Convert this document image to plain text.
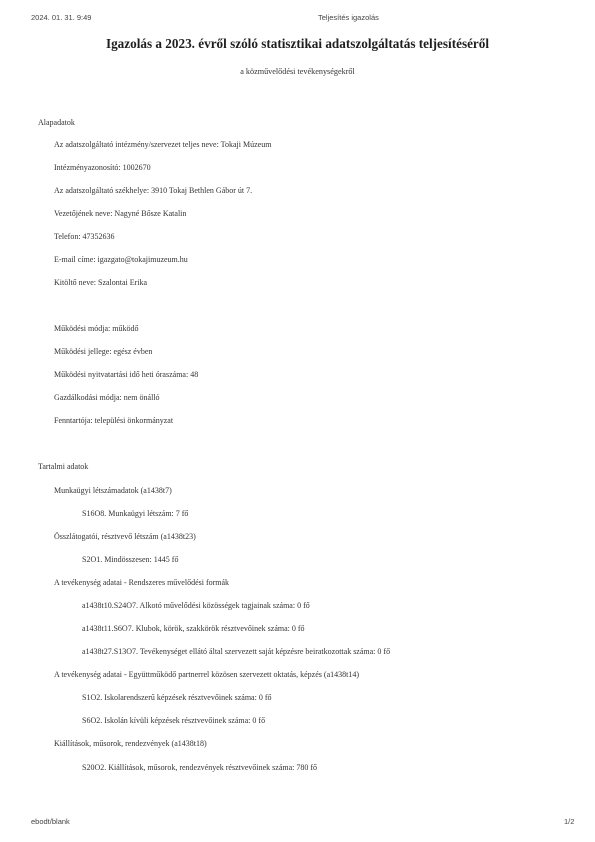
2024. 01. 31. 9:49	Teljesítés igazolás
Igazolás a 2023. évről szóló statisztikai adatszolgáltatás teljesítéséről
a közművelődési tevékenységekről
Alapadatok
Az adatszolgáltató intézmény/szervezet teljes neve: Tokaji Múzeum
Intézményazonosító: 1002670
Az adatszolgáltató székhelye: 3910 Tokaj Bethlen Gábor út 7.
Vezetőjének neve: Nagyné Bősze Katalin
Telefon: 47352636
E-mail címe: igazgato@tokajimuzeum.hu
Kitöltő neve: Szalontai Erika
Működési módja: működő
Működési jellege: egész évben
Működési nyitvatartási idő heti óraszáma: 48
Gazdálkodási módja: nem önálló
Fenntartója: települési önkormányzat
Tartalmi adatok
Munkaügyi létszámadatok (a1438t7)
S16O8. Munkaügyi létszám: 7 fő
Összlátogatói, résztvevő létszám (a1438t23)
S2O1. Mindösszesen: 1445 fő
A tevékenység adatai - Rendszeres művelődési formák
a1438t10.S24O7. Alkotó művelődési közösségek tagjainak száma: 0 fő
a1438t11.S6O7. Klubok, körök, szakkörök résztvevőinek száma: 0 fő
a1438t27.S13O7. Tevékenységet ellátó által szervezett saját képzésre beiratkozottak száma: 0 fő
A tevékenység adatai - Együttműködő partnerrel közösen szervezett oktatás, képzés (a1438t14)
S1O2. Iskolarendszerű képzések résztvevőinek száma: 0 fő
S6O2. Iskolán kívüli képzések résztvevőinek száma: 0 fő
Kiállítások, műsorok, rendezvények (a1438t18)
S20O2. Kiállítások, műsorok, rendezvények résztvevőinek száma: 780 fő
ebodt/blank	1/2
